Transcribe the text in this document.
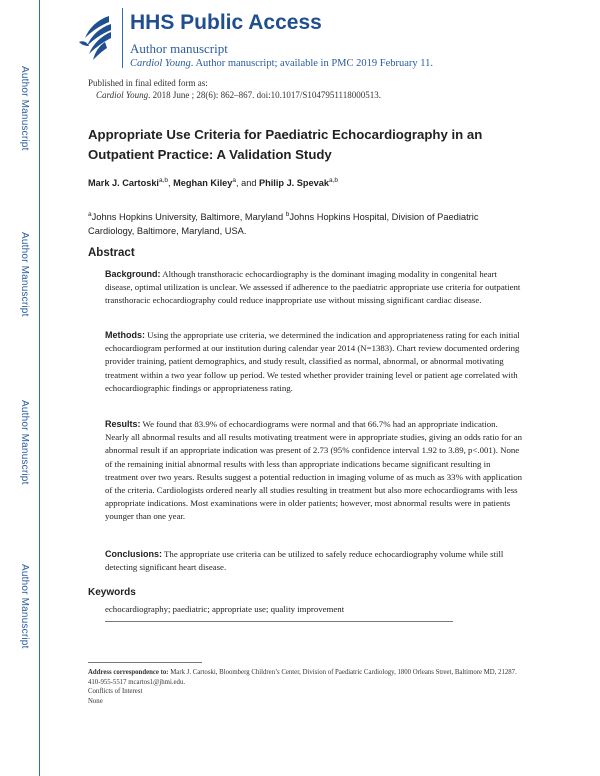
Author Manuscript
Author Manuscript
Author Manuscript
Author Manuscript
HHS Public Access
Author manuscript
Cardiol Young. Author manuscript; available in PMC 2019 February 11.
Published in final edited form as:
Cardiol Young. 2018 June ; 28(6): 862–867. doi:10.1017/S1047951118000513.
Appropriate Use Criteria for Paediatric Echocardiography in an Outpatient Practice: A Validation Study
Mark J. Cartoski$^{a,b}$, Meghan Kiley$^a$, and Philip J. Spevak$^{a,b}$
$^a$Johns Hopkins University, Baltimore, Maryland $^b$Johns Hopkins Hospital, Division of Paediatric Cardiology, Baltimore, Maryland, USA.
Abstract
Background: Although transthoracic echocardiography is the dominant imaging modality in congenital heart disease, optimal utilization is unclear. We assessed if adherence to the paediatric appropriate use criteria for outpatient transthoracic echocardiography could reduce inappropriate use without missing significant cardiac disease.
Methods: Using the appropriate use criteria, we determined the indication and appropriateness rating for each initial echocardiogram performed at our institution during calendar year 2014 (N=1383). Chart review documented ordering provider training, patient demographics, and study result, classified as normal, abnormal, or abnormal motivating treatment within a two year follow up period. We tested whether provider training level or patient age correlated with echocardiographic findings or appropriateness rating.
Results: We found that 83.9% of echocardiograms were normal and that 66.7% had an appropriate indication. Nearly all abnormal results and all results motivating treatment were in appropriate studies, giving an odds ratio for an abnormal result if an appropriate indication was present of 2.73 (95% confidence interval 1.92 to 3.89, p<.001). None of the remaining initial abnormal results with less than appropriate indications became significant resulting in treatment over two years. Results suggest a potential reduction in imaging volume of as much as 33% with application of the criteria. Cardiologists ordered nearly all studies resulting in treatment but also more echocardiograms with less appropriate indications. Most examinations were in older patients; however, most abnormal results were in patients younger than one year.
Conclusions: The appropriate use criteria can be utilized to safely reduce echocardiography volume while still detecting significant heart disease.
Keywords
echocardiography; paediatric; appropriate use; quality improvement
Address correspondence to: Mark J. Cartoski, Bloomberg Children’s Center, Division of Paediatric Cardiology, 1800 Orleans Street, Baltimore MD, 21287. 410-955-5517 mcartos1@jhmi.edu.
Conflicts of Interest
None
